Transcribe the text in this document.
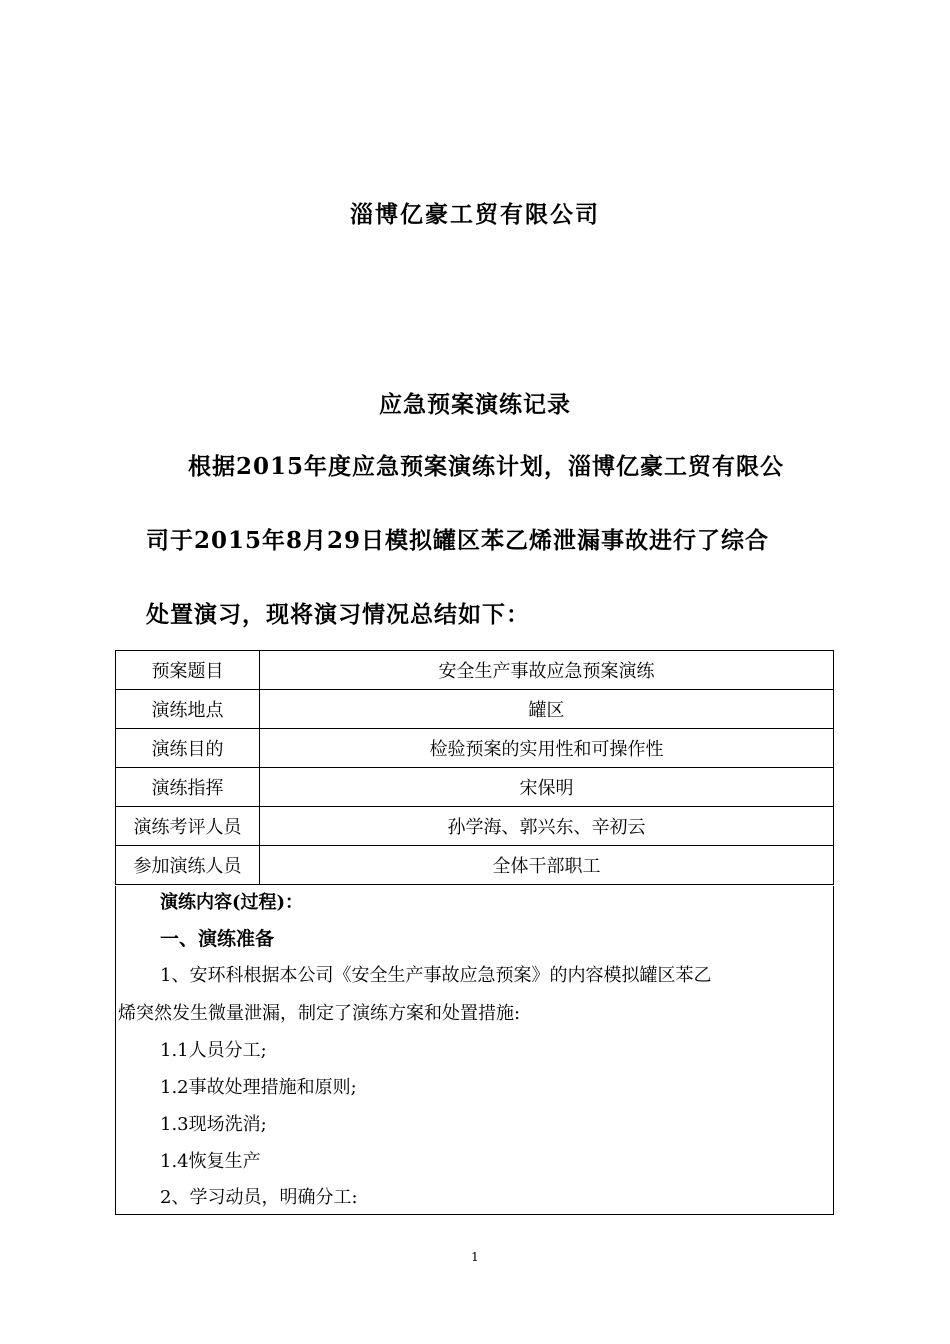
淄博亿豪工贸有限公司
应急预案演练记录
根据2015年度应急预案演练计划，淄博亿豪工贸有限公
司于2015年8月29日模拟罐区苯乙烯泄漏事故进行了综合
处置演习，现将演习情况总结如下：
预案题目	安全生产事故应急预案演练
演练地点	罐区
演练目的	检验预案的实用性和可操作性
演练指挥	宋保明
演练考评人员	孙学海、郭兴东、辛初云
参加演练人员	全体干部职工
演练内容(过程)：
一、演练准备
1、安环科根据本公司《安全生产事故应急预案》的内容模拟罐区苯乙
烯突然发生微量泄漏，制定了演练方案和处置措施:
1.1人员分工;
1.2事故处理措施和原则;
1.3现场洗消;
1.4恢复生产
2、学习动员，明确分工:
1
